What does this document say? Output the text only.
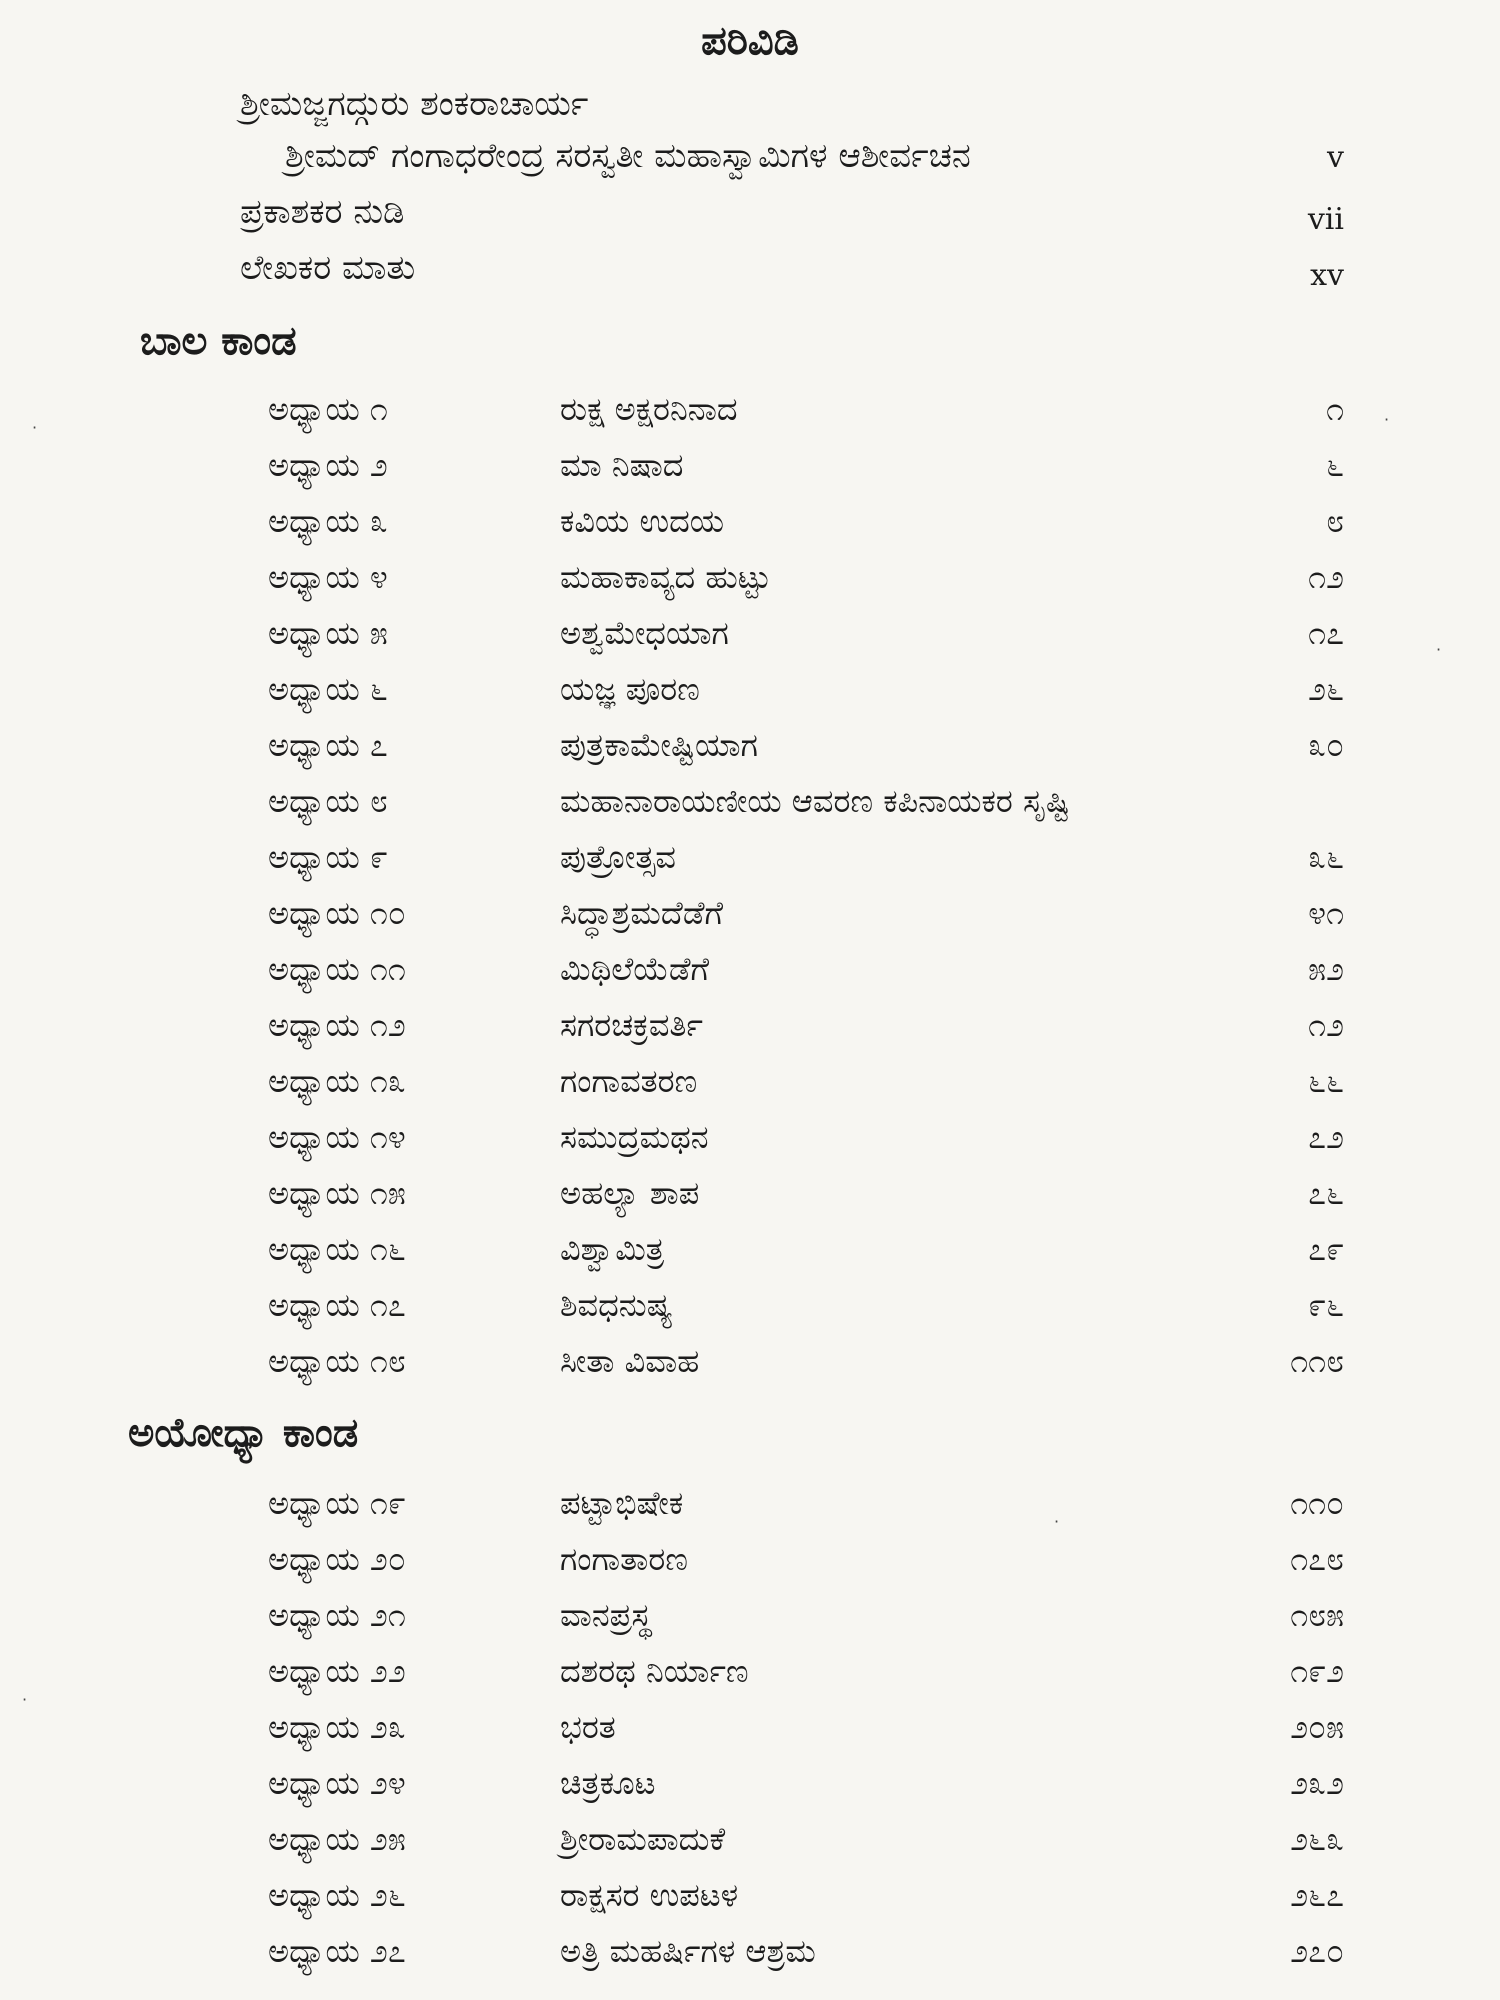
ಪರಿವಿಡಿ
ಶ್ರೀಮಜ್ಜಗದ್ಗುರು ಶಂಕರಾಚಾರ್ಯ
ಶ್ರೀಮದ್ ಗಂಗಾಧರೇಂದ್ರ ಸರಸ್ವತೀ ಮಹಾಸ್ವಾಮಿಗಳ ಆಶೀರ್ವಚನ	v
ಪ್ರಕಾಶಕರ ನುಡಿ	vii
ಲೇಖಕರ ಮಾತು	xv
ಬಾಲ ಕಾಂಡ
ಅಧ್ಯಾಯ ೧	ರುಕ್ಷ ಅಕ್ಷರನಿನಾದ	೧
ಅಧ್ಯಾಯ ೨	ಮಾ ನಿಷಾದ	೬
ಅಧ್ಯಾಯ ೩	ಕವಿಯ ಉದಯ	೮
ಅಧ್ಯಾಯ ೪	ಮಹಾಕಾವ್ಯದ ಹುಟ್ಟು	೧೨
ಅಧ್ಯಾಯ ೫	ಅಶ್ವಮೇಧಯಾಗ	೧೭
ಅಧ್ಯಾಯ ೬	ಯಜ್ಞ ಪೂರಣ	೨೬
ಅಧ್ಯಾಯ ೭	ಪುತ್ರಕಾಮೇಷ್ಟಿಯಾಗ	೩೦
ಅಧ್ಯಾಯ ೮	ಮಹಾನಾರಾಯಣೀಯ ಆವರಣ ಕಪಿನಾಯಕರ ಸೃಷ್ಟಿ
ಅಧ್ಯಾಯ ೯	ಪುತ್ರೋತ್ಸವ	೩೬
ಅಧ್ಯಾಯ ೧೦	ಸಿದ್ಧಾಶ್ರಮದೆಡೆಗೆ	೪೧
ಅಧ್ಯಾಯ ೧೧	ಮಿಥಿಲೆಯೆಡೆಗೆ	೫೨
ಅಧ್ಯಾಯ ೧೨	ಸಗರಚಕ್ರವರ್ತಿ	೧೨
ಅಧ್ಯಾಯ ೧೩	ಗಂಗಾವತರಣ	೬೬
ಅಧ್ಯಾಯ ೧೪	ಸಮುದ್ರಮಥನ	೭೨
ಅಧ್ಯಾಯ ೧೫	ಅಹಲ್ಯಾ ಶಾಪ	೭೬
ಅಧ್ಯಾಯ ೧೬	ವಿಶ್ವಾಮಿತ್ರ	೭೯
ಅಧ್ಯಾಯ ೧೭	ಶಿವಧನುಷ್ಯ	೯೬
ಅಧ್ಯಾಯ ೧೮	ಸೀತಾ ವಿವಾಹ	೧೧೮
ಅಯೋಧ್ಯಾ ಕಾಂಡ
ಅಧ್ಯಾಯ ೧೯	ಪಟ್ಟಾಭಿಷೇಕ	೧೧೦
ಅಧ್ಯಾಯ ೨೦	ಗಂಗಾತಾರಣ	೧೭೮
ಅಧ್ಯಾಯ ೨೧	ವಾನಪ್ರಸ್ಥ	೧೮೫
ಅಧ್ಯಾಯ ೨೨	ದಶರಥ ನಿರ್ಯಾಣ	೧೯೨
ಅಧ್ಯಾಯ ೨೩	ಭರತ	೨೦೫
ಅಧ್ಯಾಯ ೨೪	ಚಿತ್ರಕೂಟ	೨೩೨
ಅಧ್ಯಾಯ ೨೫	ಶ್ರೀರಾಮಪಾದುಕೆ	೨೬೩
ಅಧ್ಯಾಯ ೨೬	ರಾಕ್ಷಸರ ಉಪಟಳ	೨೬೭
ಅಧ್ಯಾಯ ೨೭	ಅತ್ರಿ ಮಹರ್ಷಿಗಳ ಆಶ್ರಮ	೨೭೦
·	·
·
·
·
